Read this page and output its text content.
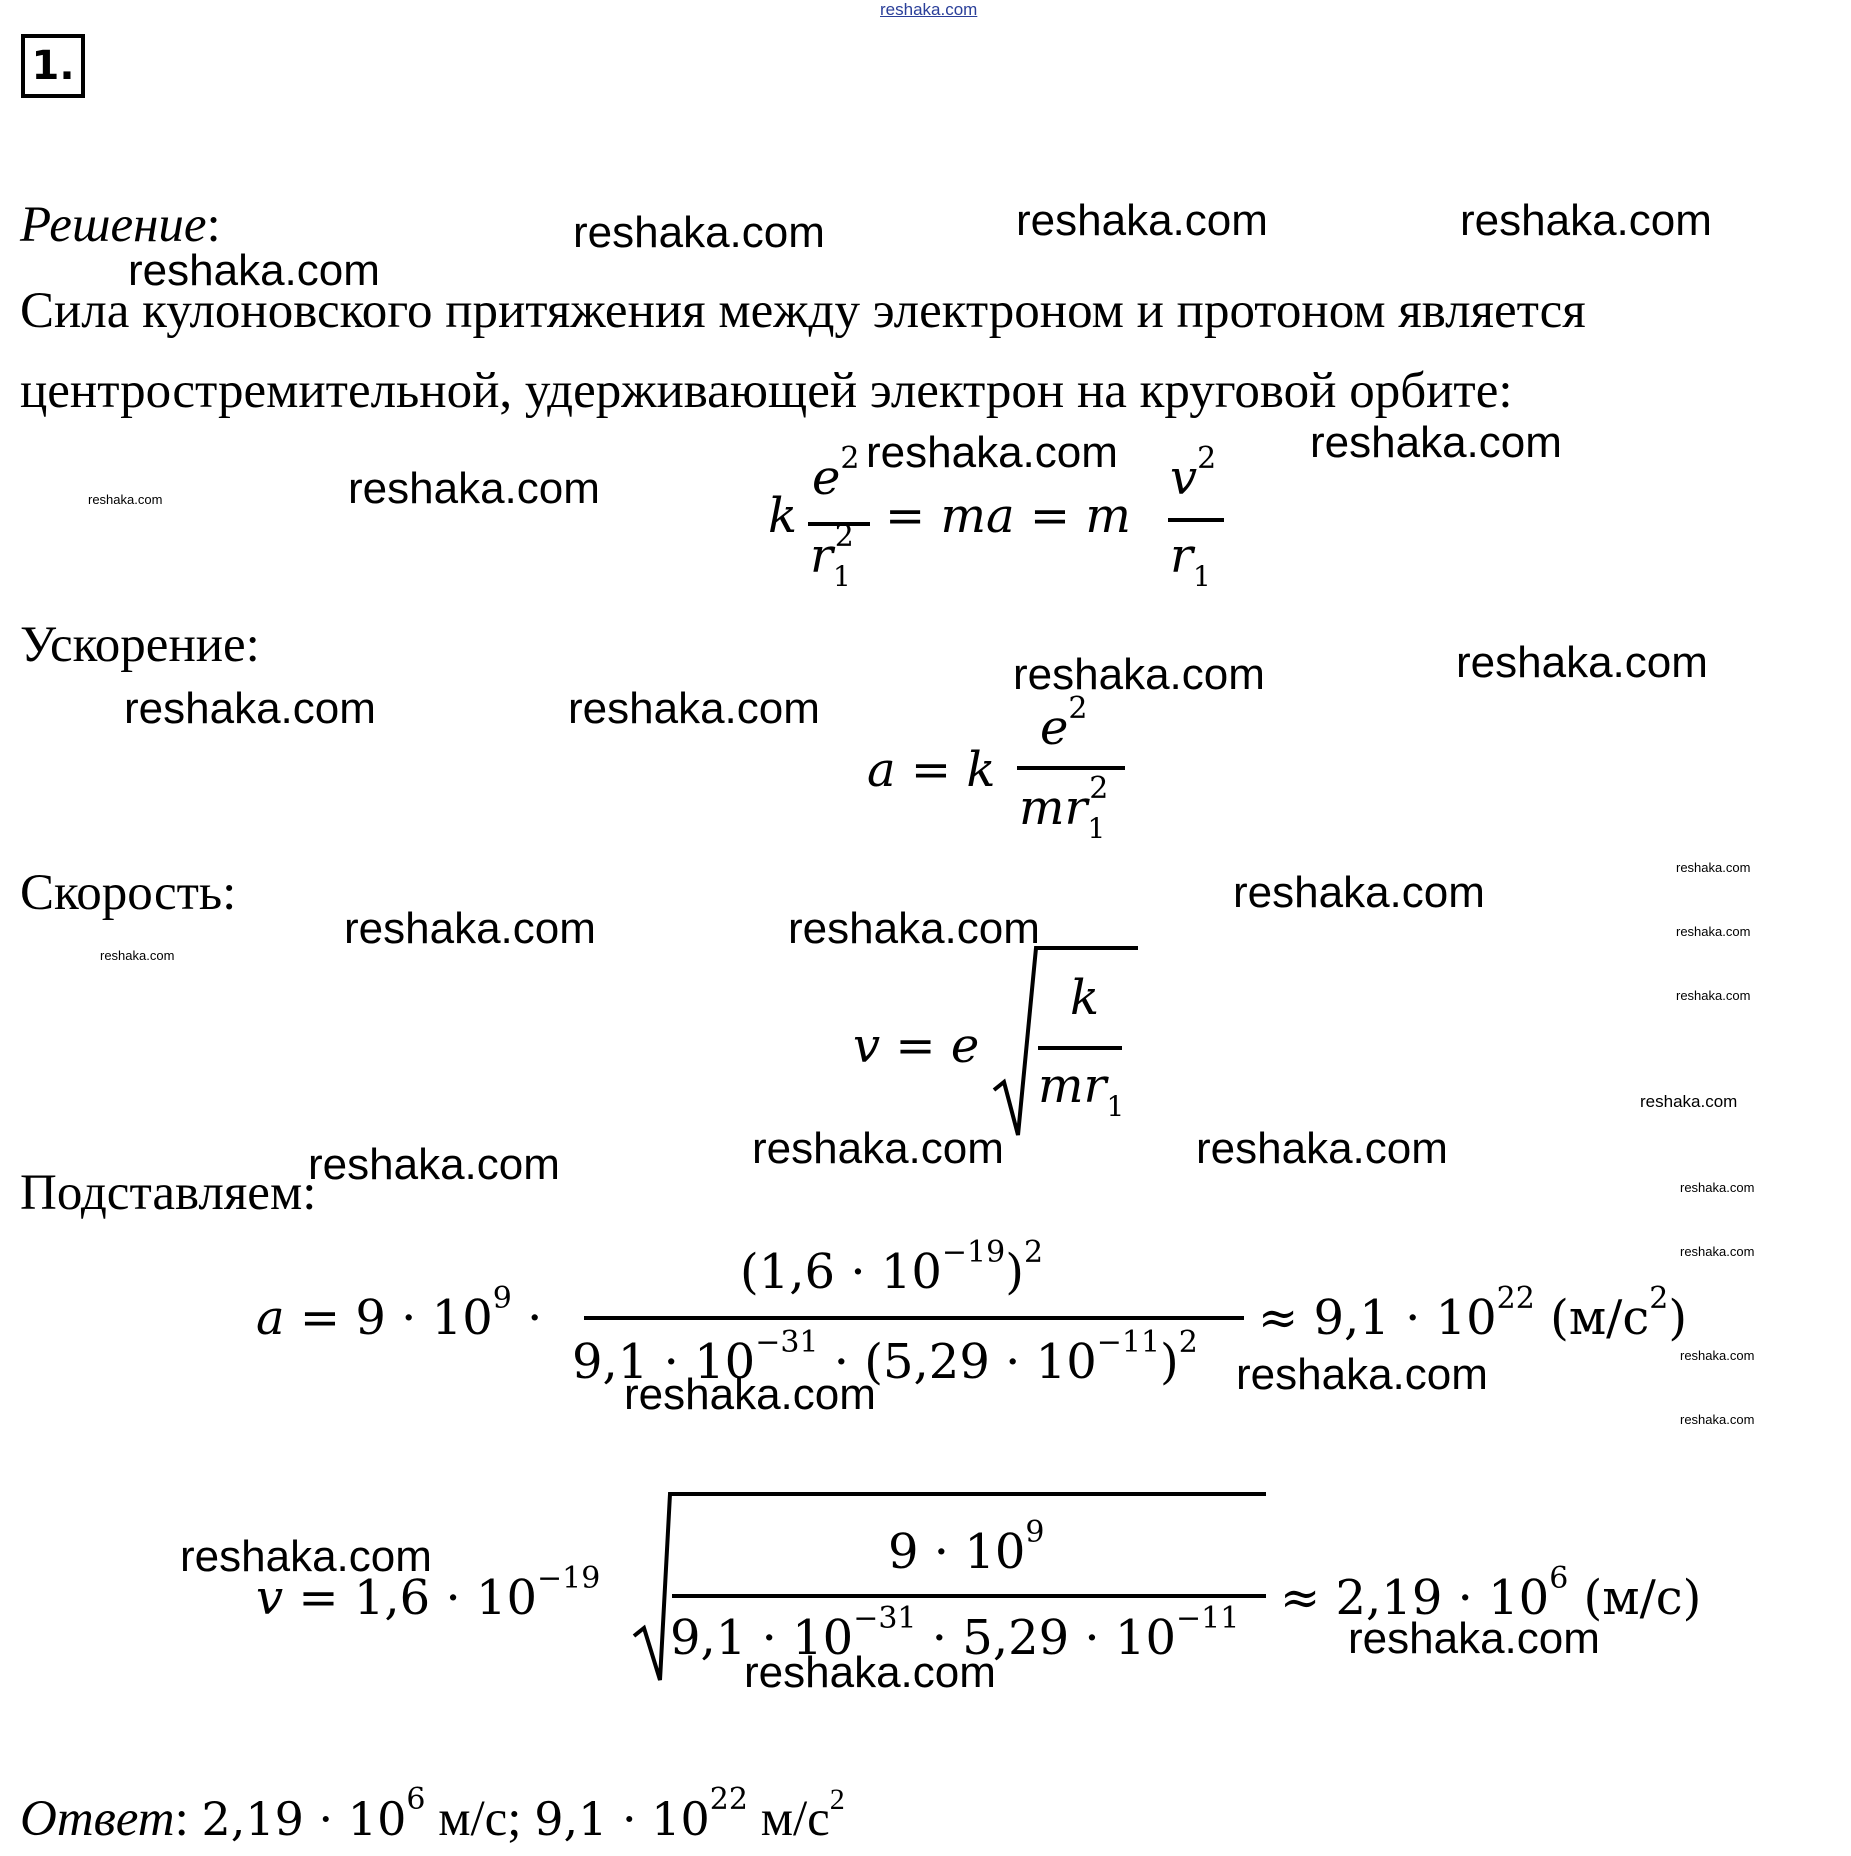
reshaka.com
1.
Решение:
Сила кулоновского притяжения между электроном и протоном является
центростремительной, удерживающей электрон на круговой орбите:
k
$e^2$
$r_1^2$ = ma = m
$v^2$
$r_1$
Ускорение:
a = k
$e^2$
$mr_1^2$
Скорость:
v = e
k
$mr_1$
Подставляем:
$a = 9 \cdot 10^9$ ·
$(1,6 \cdot 10^{-19})^2$
$9,1 \cdot 10^{-31} \cdot (5,29 \cdot 10^{-11})^2 \approx 9,1 \cdot 10^{22}$ $(м/с^2)$
$v = 1,6 \cdot 10^{-19}$	$9 \cdot 10^9$
$9,1 \cdot 10^{-31} \cdot 5,29 \cdot 10^{-11} \approx 2,19 \cdot 10^6$ (м/с)
Ответ: $2,19 \cdot 10^6$ м/с; $9,1 \cdot 10^{22}$ $м/с^2$
reshaka.com	reshaka.com	reshaka.com
reshaka.com
reshaka.com	reshaka.com
reshaka.com
reshaka.com	reshaka.com
reshaka.com	reshaka.com
reshaka.com
reshaka.com	reshaka.com
reshaka.com	reshaka.com	reshaka.com
reshaka.com
reshaka.com
reshaka.com
reshaka.com
reshaka.com
reshaka.com
reshaka.com
reshaka.com
reshaka.com
reshaka.com
reshaka.com
reshaka.com
reshaka.com
reshaka.com
reshaka.com
